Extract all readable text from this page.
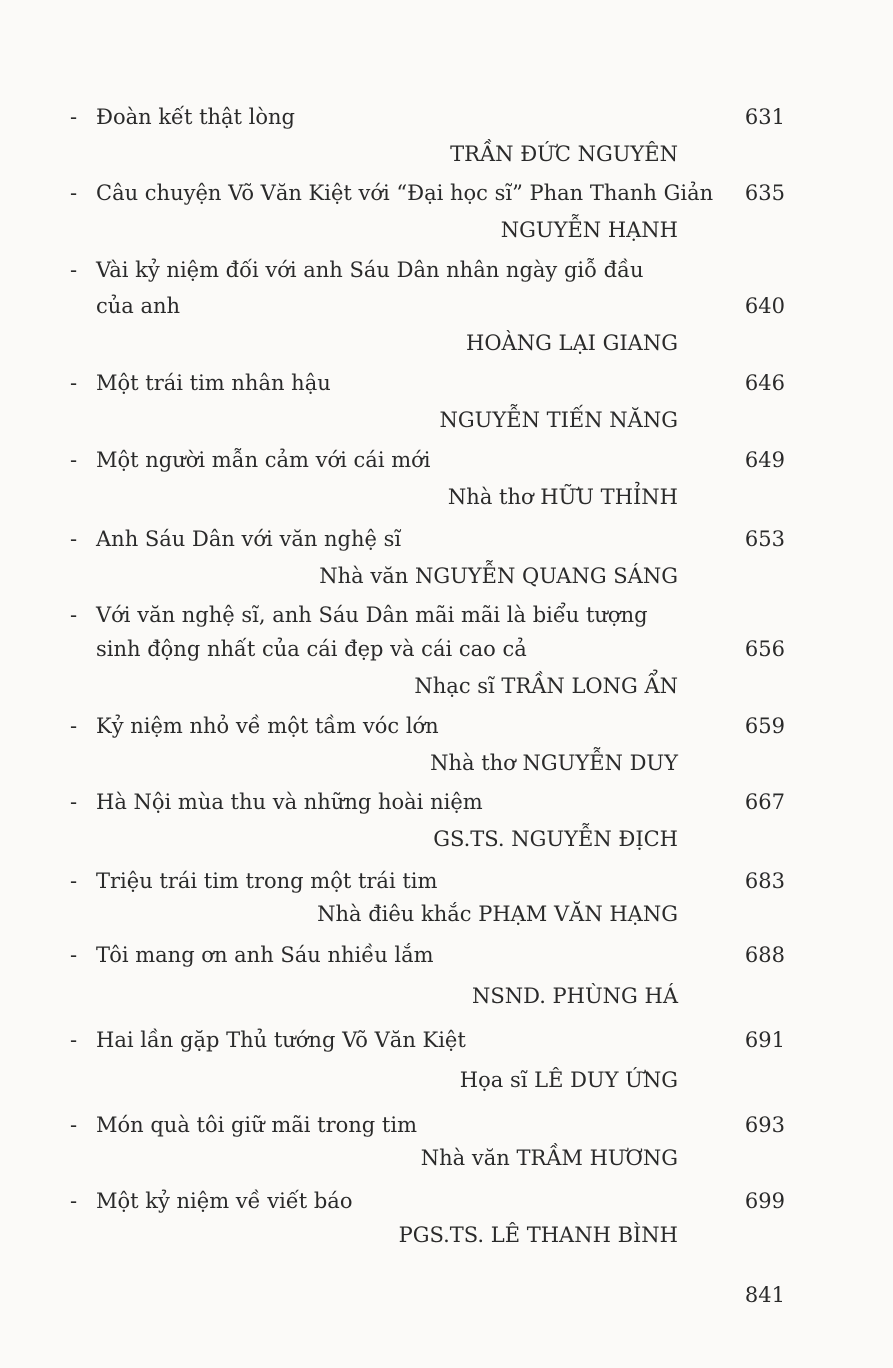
- Đoàn kết thật lòng	631
TRẦN ĐỨC NGUYÊN
- Câu chuyện Võ Văn Kiệt với “Đại học sĩ” Phan Thanh Giản 635
NGUYỄN HẠNH
- Vài kỷ niệm đối với anh Sáu Dân nhân ngày giỗ đầu
của anh	640
HOÀNG LẠI GIANG
- Một trái tim nhân hậu	646
NGUYỄN TIẾN NĂNG
- Một người mẫn cảm với cái mới	649
Nhà thơ HỮU THỈNH
- Anh Sáu Dân với văn nghệ sĩ	653
Nhà văn NGUYỄN QUANG SÁNG
- Với văn nghệ sĩ, anh Sáu Dân mãi mãi là biểu tượng
sinh động nhất của cái đẹp và cái cao cả	656
Nhạc sĩ TRẦN LONG ẨN
- Kỷ niệm nhỏ về một tầm vóc lớn	659
Nhà thơ NGUYỄN DUY
- Hà Nội mùa thu và những hoài niệm	667
GS.TS. NGUYỄN ĐỊCH
- Triệu trái tim trong một trái tim	683
Nhà điêu khắc PHẠM VĂN HẠNG
- Tôi mang ơn anh Sáu nhiều lắm	688
NSND. PHÙNG HÁ
- Hai lần gặp Thủ tướng Võ Văn Kiệt	691
Họa sĩ LÊ DUY ỨNG
- Món quà tôi giữ mãi trong tim	693
Nhà văn TRẦM HƯƠNG
- Một kỷ niệm về viết báo	699
PGS.TS. LÊ THANH BÌNH
841
